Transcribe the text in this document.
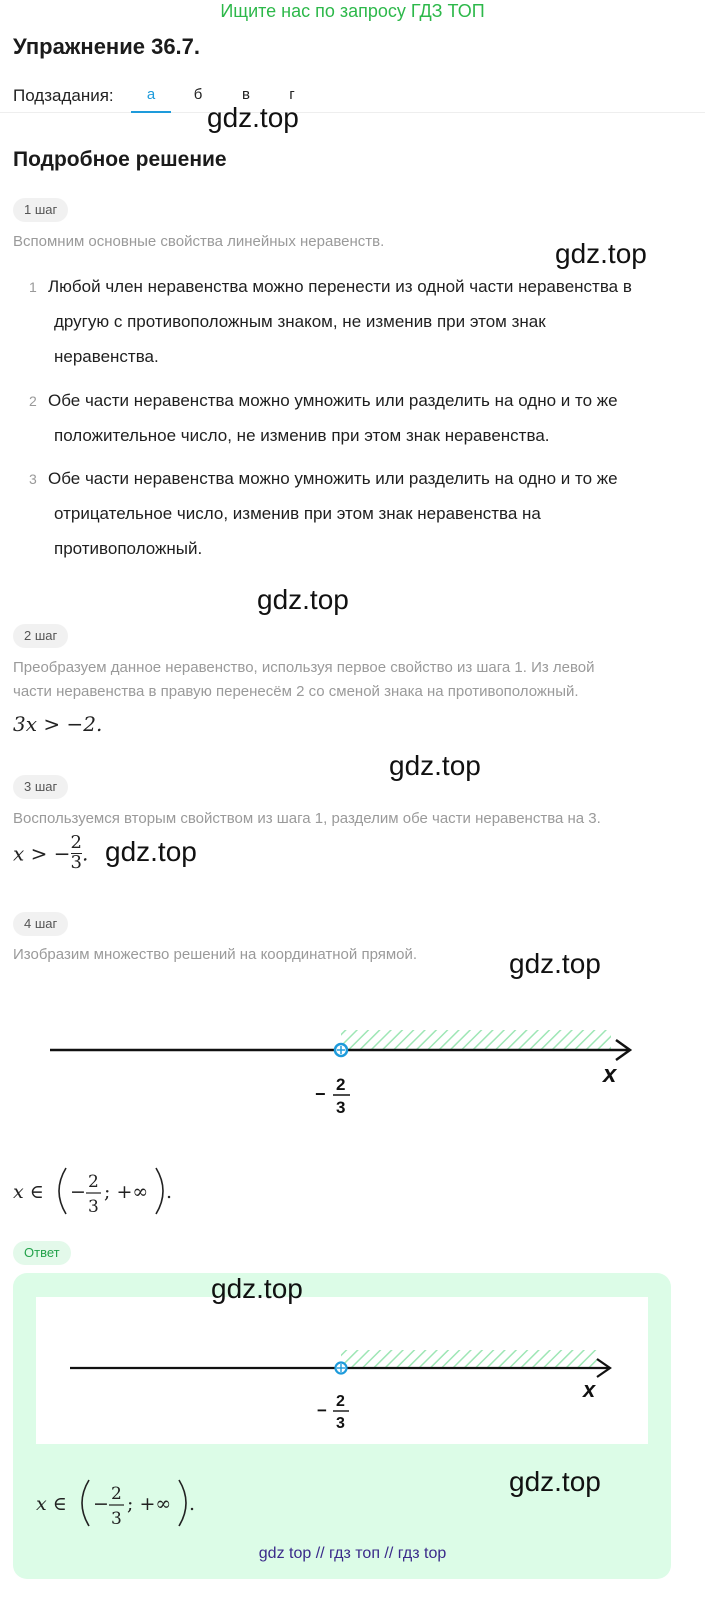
Ищите нас по запросу ГДЗ ТОП
Упражнение 36.7.
Подзадания:	а	б	в	г
gdz.top
gdz.top
gdz.top
gdz.top
gdz.top
gdz.top
Подробное решение
1 шаг
Вспомним основные свойства линейных неравенств.
1 Любой член неравенства можно перенести из одной части неравенства в
другую с противоположным знаком, не изменив при этом знак
неравенства.
2 Обе части неравенства можно умножить или разделить на одно и то же
положительное число, не изменив при этом знак неравенства.
3 Обе части неравенства можно умножить или разделить на одно и то же
отрицательное число, изменив при этом знак неравенства на
противоположный.
2 шаг
Преобразуем данное неравенство, используя первое свойство из шага 1. Из левой
части неравенства в правую перенесём 2 со сменой знака на противоположный.
3x > −2.
3 шаг
Воспользуемся вторым свойством из шага 1, разделим обе части неравенства на 3.
x > − $\frac{2}{3}$ .
4 шаг
Изобразим множество решений на координатной прямой.
x
− 2
3
x ∈ − 2
3
; +∞ .
Ответ
gdz.top
x
− 2
3
gdz.top
x ∈ − 2
3
; +∞ .
gdz top // гдз топ // гдз top
